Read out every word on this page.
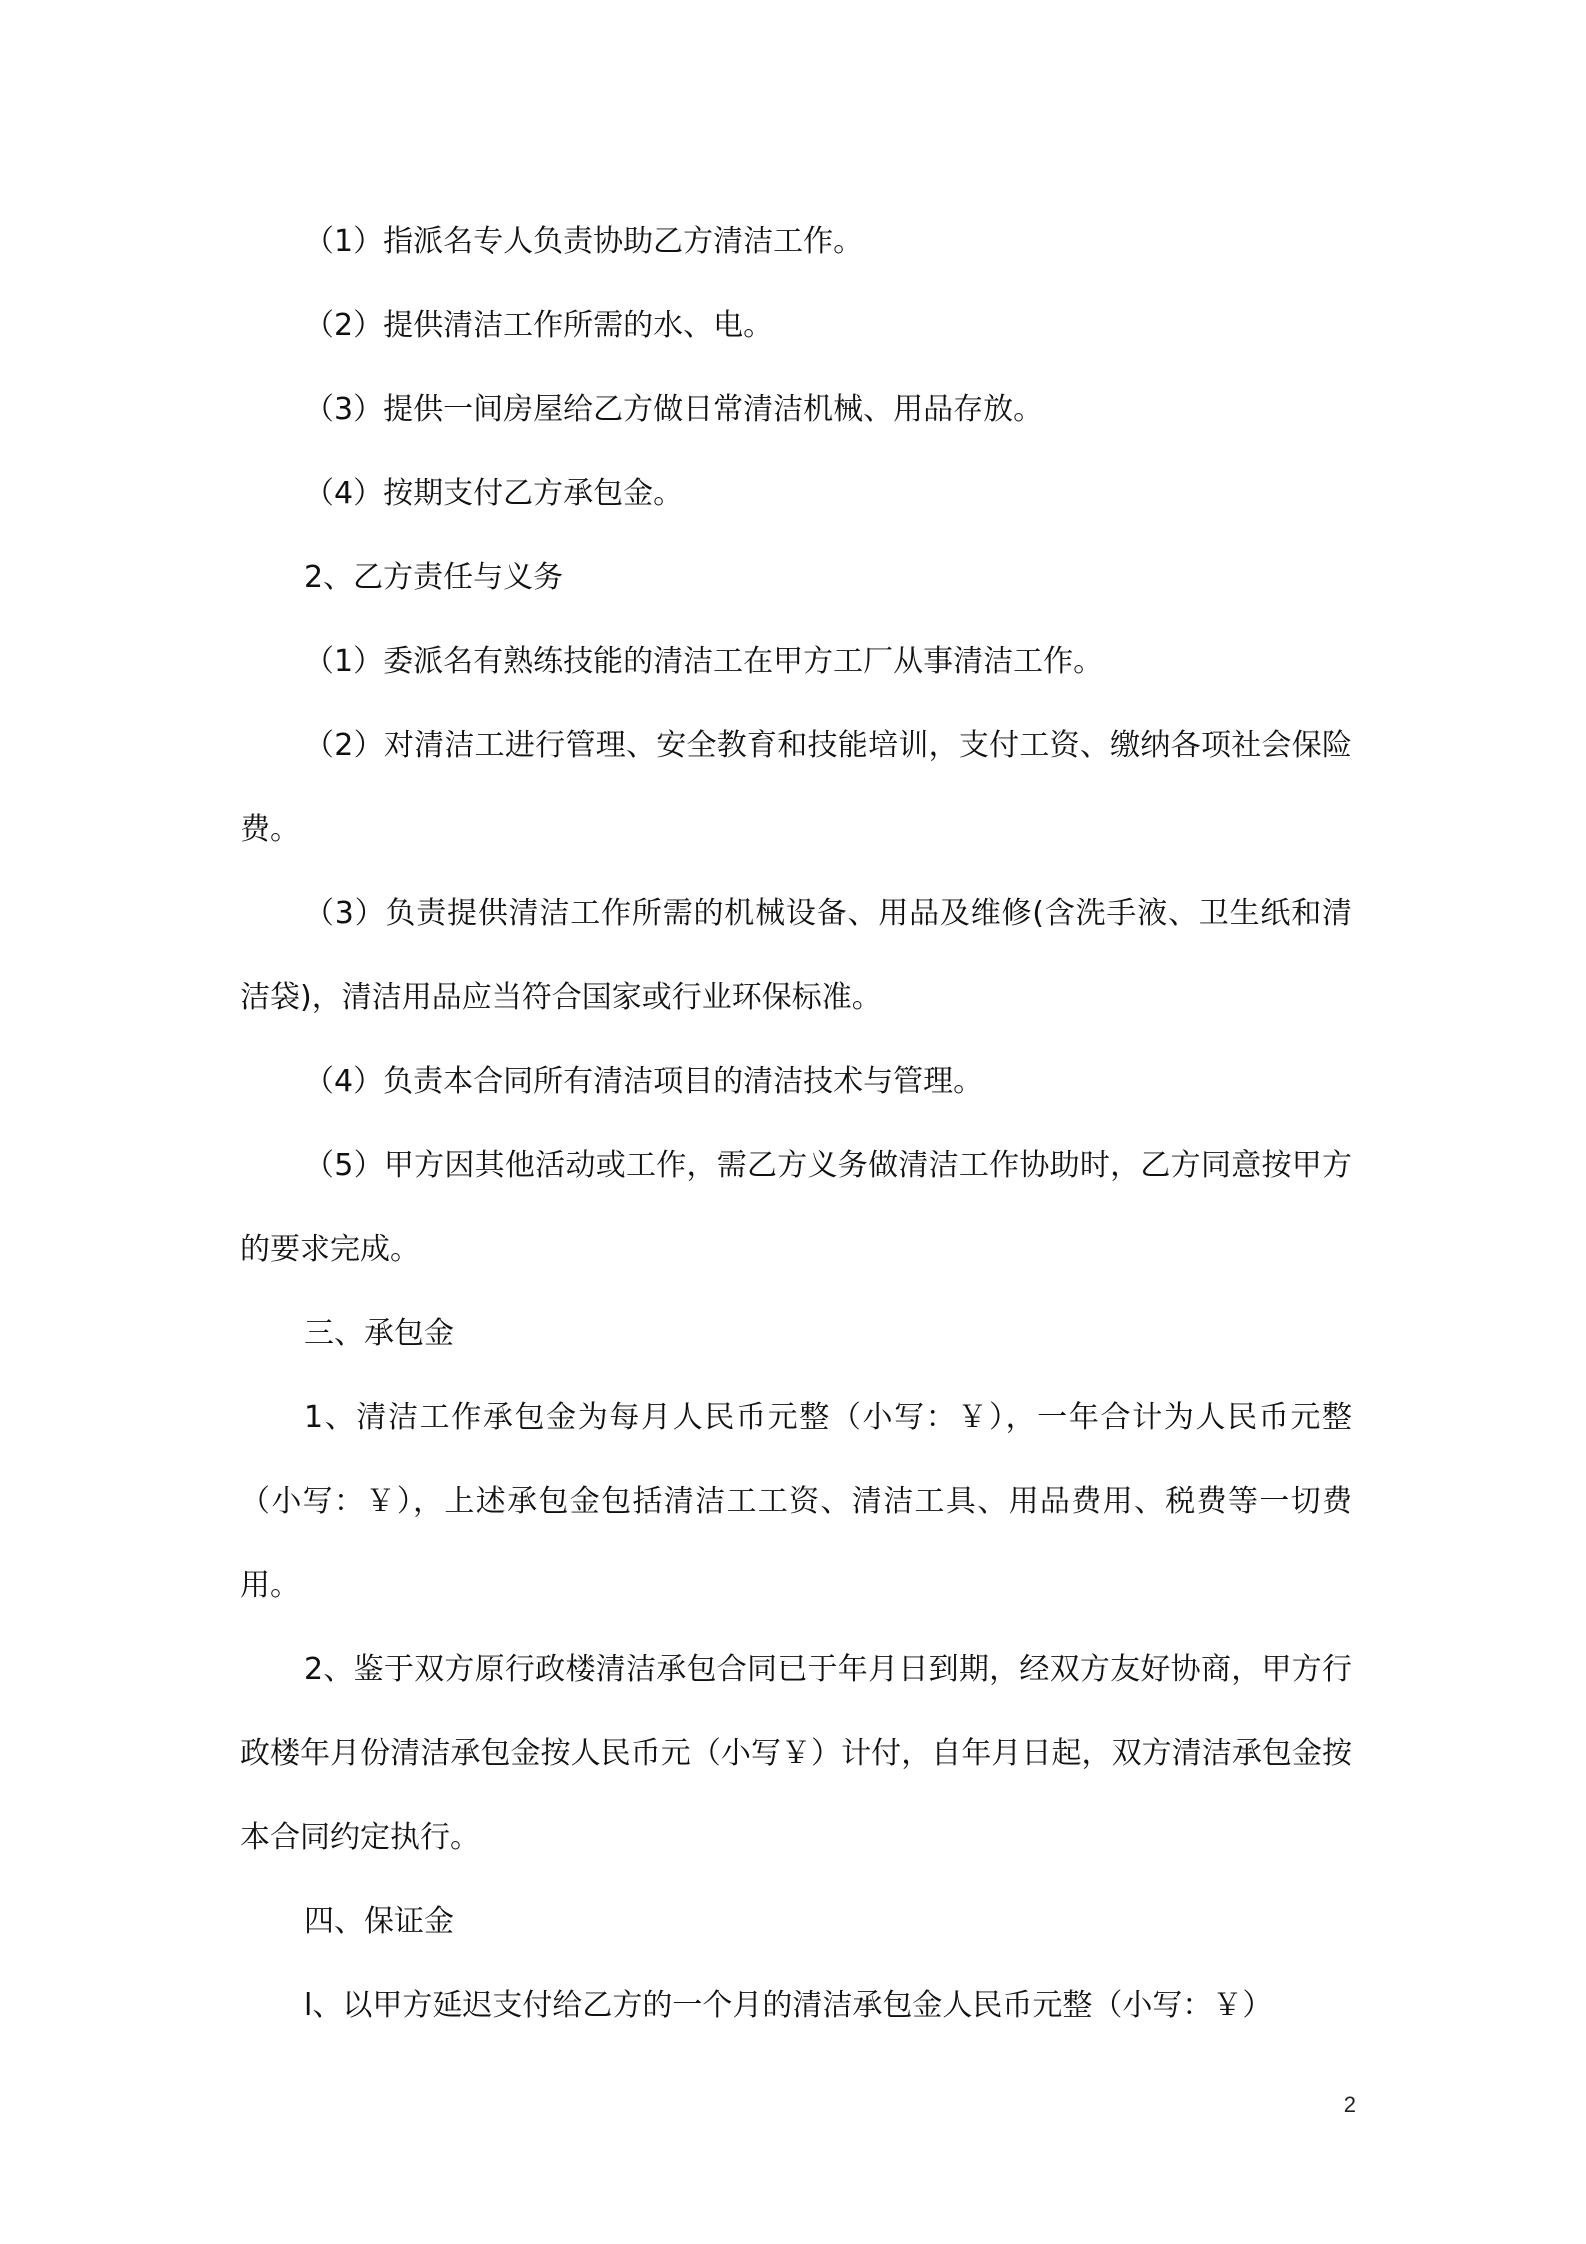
（1）指派名专人负责协助乙方清洁工作。

（2）提供清洁工作所需的水、电。

（3）提供一间房屋给乙方做日常清洁机械、用品存放。

（4）按期支付乙方承包金。

2、乙方责任与义务

（1）委派名有熟练技能的清洁工在甲方工厂从事清洁工作。

（2）对清洁工进行管理、安全教育和技能培训，支付工资、缴纳各项社会保险费。

（3）负责提供清洁工作所需的机械设备、用品及维修(含洗手液、卫生纸和清洁袋)，清洁用品应当符合国家或行业环保标准。

（4）负责本合同所有清洁项目的清洁技术与管理。

（5）甲方因其他活动或工作，需乙方义务做清洁工作协助时，乙方同意按甲方的要求完成。

三、承包金

1、清洁工作承包金为每月人民币元整（小写：￥），一年合计为人民币元整（小写：￥），上述承包金包括清洁工工资、清洁工具、用品费用、税费等一切费用。

2、鉴于双方原行政楼清洁承包合同已于年月日到期，经双方友好协商，甲方行政楼年月份清洁承包金按人民币元（小写￥）计付，自年月日起，双方清洁承包金按本合同约定执行。

四、保证金

l、以甲方延迟支付给乙方的一个月的清洁承包金人民币元整（小写：￥）

2
